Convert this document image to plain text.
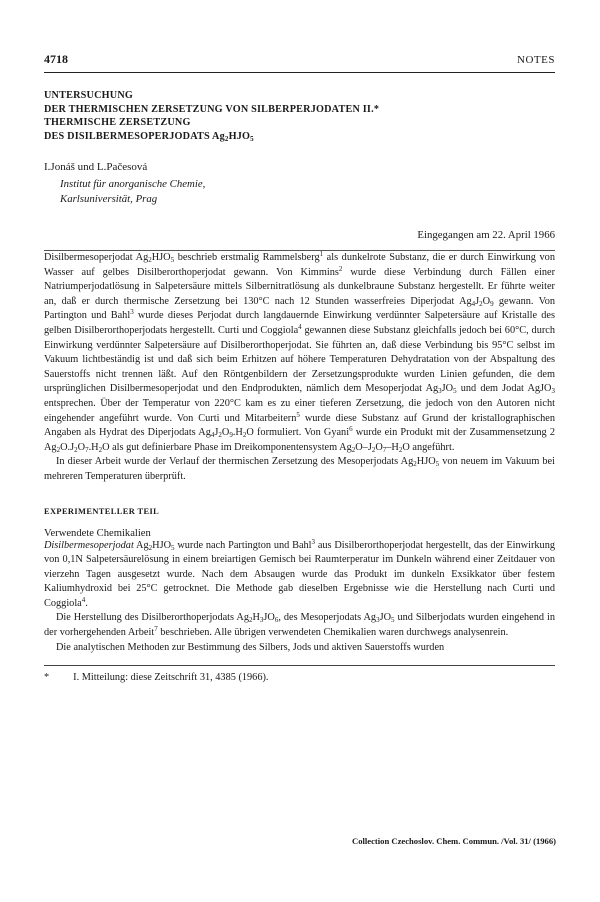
4718	NOTES
UNTERSUCHUNG
DER THERMISCHEN ZERSETZUNG VON SILBERPERJODATEN II.*
THERMISCHE ZERSETZUNG
DES DISILBERMESOPERJODATS $Ag_2HJO_5$
I.Jonáš und L.Pačesová
Institut für anorganische Chemie,
Karlsuniversität, Prag
Eingegangen am 22. April 1966

Disilbermesoperjodat $Ag_2HJO_5$ beschrieb erstmalig Rammelsberg$^1$ als dunkelrote Substanz, die er durch Einwirkung von Wasser auf gelbes Disilberorthoperjodat gewann. Von Kimmins$^2$ wurde diese Verbindung durch Fällen einer Natriumperjodatlösung in Salpetersäure mittels Silbernitratlösung als dunkelbraune Substanz hergestellt. Er führte weiter an, daß er durch thermische Zersetzung bei 130°C nach 12 Stunden wasserfreies Diperjodat $Ag_4J_2O_9$ gewann. Von Partington und Bahl$^3$ wurde dieses Perjodat durch langdauernde Einwirkung verdünnter Salpetersäure auf Kristalle des gelben Disilberorthoperjodats hergestellt. Curti und Coggiola$^4$ gewannen diese Substanz gleichfalls jedoch bei 60°C, durch Einwirkung verdünnter Salpetersäure auf Disilberorthoperjodat. Sie führten an, daß diese Verbindung bis 95°C selbst im Vakuum lichtbeständig ist und daß sich beim Erhitzen auf höhere Temperaturen Dehydratation von der Abspaltung des Sauerstoffs nicht trennen läßt. Auf den Röntgenbildern der Zersetzungsprodukte wurden Linien gefunden, die dem ursprünglichen Disilbermesoperjodat und den Endprodukten, nämlich dem Mesoperjodat $Ag_3JO_5$ und dem Jodat AgJO$_3$ entsprechen. Über der Temperatur von 220°C kam es zu einer tieferen Zersetzung, die jedoch von den Autoren nicht eingehender angeführt wurde. Von Curti und Mitarbeitern$^5$ wurde diese Substanz auf Grund der kristallographischen Angaben als Hydrat des Diperjodats $Ag_4J_2O_9.H_2O$ formuliert. Von Gyani$^6$ wurde ein Produkt mit der Zusammensetzung 2 $Ag_2O.J_2O_7.H_2O$ als gut definierbare Phase im Dreikomponentensystem $Ag_2O-J_2O_7-H_2O$ angeführt.

In dieser Arbeit wurde der Verlauf der thermischen Zersetzung des Mesoperjodats $Ag_2HJO_5$ von neuem im Vakuum bei mehreren Temperaturen überprüft.

EXPERIMENTELLER TEIL
Verwendete Chemikalien

Disilbermesoperjodat $Ag_2HJO_5$ wurde nach Partington und Bahl$^3$ aus Disilberorthoperjodat hergestellt, das der Einwirkung von 0,1N Salpetersäurelösung in einem breiartigen Gemisch bei Raumterperatur im Dunkeln während einer Zeitdauer von vierzehn Tagen ausgesetzt wurde. Nach dem Absaugen wurde das Produkt im dunkeln Exsikkator über festem Kaliumhydroxid bei 25°C getrocknet. Die Methode gab dieselben Ergebnisse wie die Herstellung nach Curti und Coggiola$^4$.

Die Herstellung des Disilberorthoperjodats $Ag_2H_3JO_6$, des Mesoperjodats $Ag_3JO_5$ und Silberjodats wurden eingehend in der vorhergehenden Arbeit$^7$ beschrieben. Alle übrigen verwendeten Chemikalien waren durchwegs analysenrein.

Die analytischen Methoden zur Bestimmung des Silbers, Jods und aktiven Sauerstoffs wurden

* I. Mitteilung: diese Zeitschrift 31, 4385 (1966).
Collection Czechoslov. Chem. Commun. /Vol. 31/ (1966)
